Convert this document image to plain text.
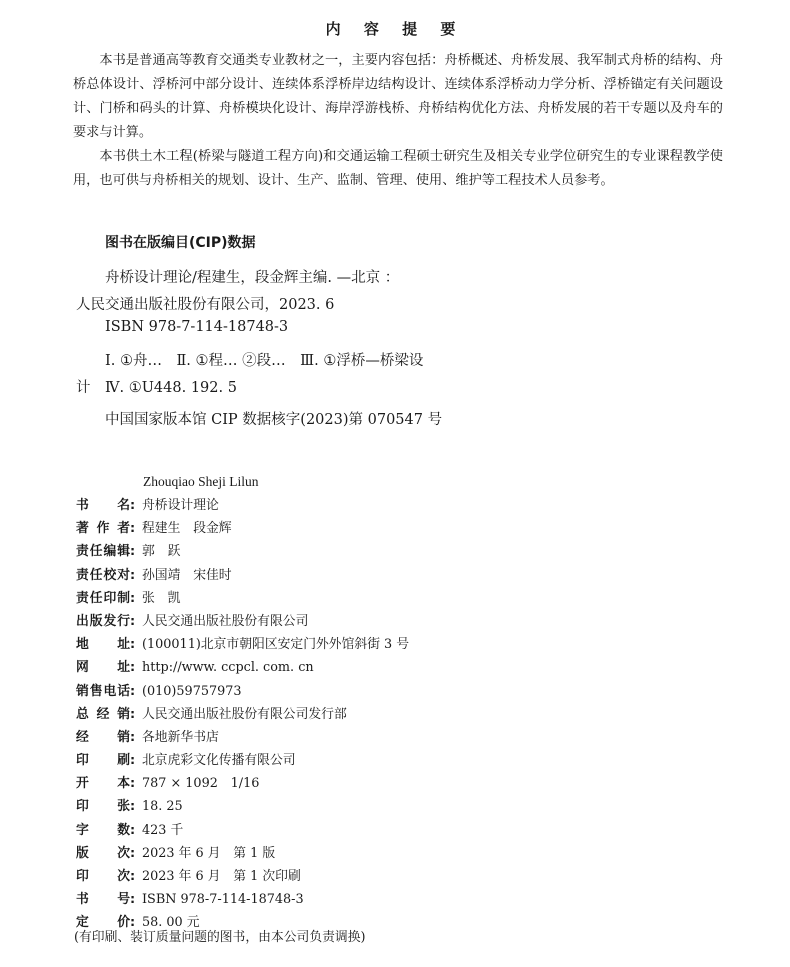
内 容 提 要

本书是普通高等教育交通类专业教材之一，主要内容包括：舟桥概述、舟桥发展、我军制式舟桥的结构、舟桥总体设计、浮桥河中部分设计、连续体系浮桥岸边结构设计、连续体系浮桥动力学分析、浮桥锚定有关问题设计、门桥和码头的计算、舟桥模块化设计、海岸浮游栈桥、舟桥结构优化方法、舟桥发展的若干专题以及舟车的要求与计算。

本书供土木工程(桥梁与隧道工程方向)和交通运输工程硕士研究生及相关专业学位研究生的专业课程教学使用，也可供与舟桥相关的规划、设计、生产、监制、管理、使用、维护等工程技术人员参考。

图书在版编目(CIP)数据
舟桥设计理论/程建生，段金辉主编. —北京 ：
人民交通出版社股份有限公司，2023. 6
ISBN 978-7-114-18748-3
Ⅰ. ①舟…　Ⅱ. ①程… ②段…　Ⅲ. ①浮桥—桥梁设
计　Ⅳ. ①U448. 192. 5
中国国家版本馆 CIP 数据核字(2023)第 070547 号
Zhouqiao Sheji Lilun
书　名: 舟桥设计理论
著 作 者: 程建生　段金辉
责任编辑: 郭　跃
责任校对: 孙国靖　宋佳时
责任印制: 张　凯
出版发行: 人民交通出版社股份有限公司
地　址: (100011)北京市朝阳区安定门外外馆斜街 3 号
网　址: http://www. ccpcl. com. cn
销售电话: (010)59757973
总 经 销: 人民交通出版社股份有限公司发行部
经　销: 各地新华书店
印　刷: 北京虎彩文化传播有限公司
开　本: 787 × 1092　1/16
印　张: 18. 25
字　数: 423 千
版　次: 2023 年 6 月　第 1 版
印　次: 2023 年 6 月　第 1 次印刷
书　号: ISBN 978-7-114-18748-3
定　价: 58. 00 元
(有印刷、装订质量问题的图书，由本公司负责调换)
